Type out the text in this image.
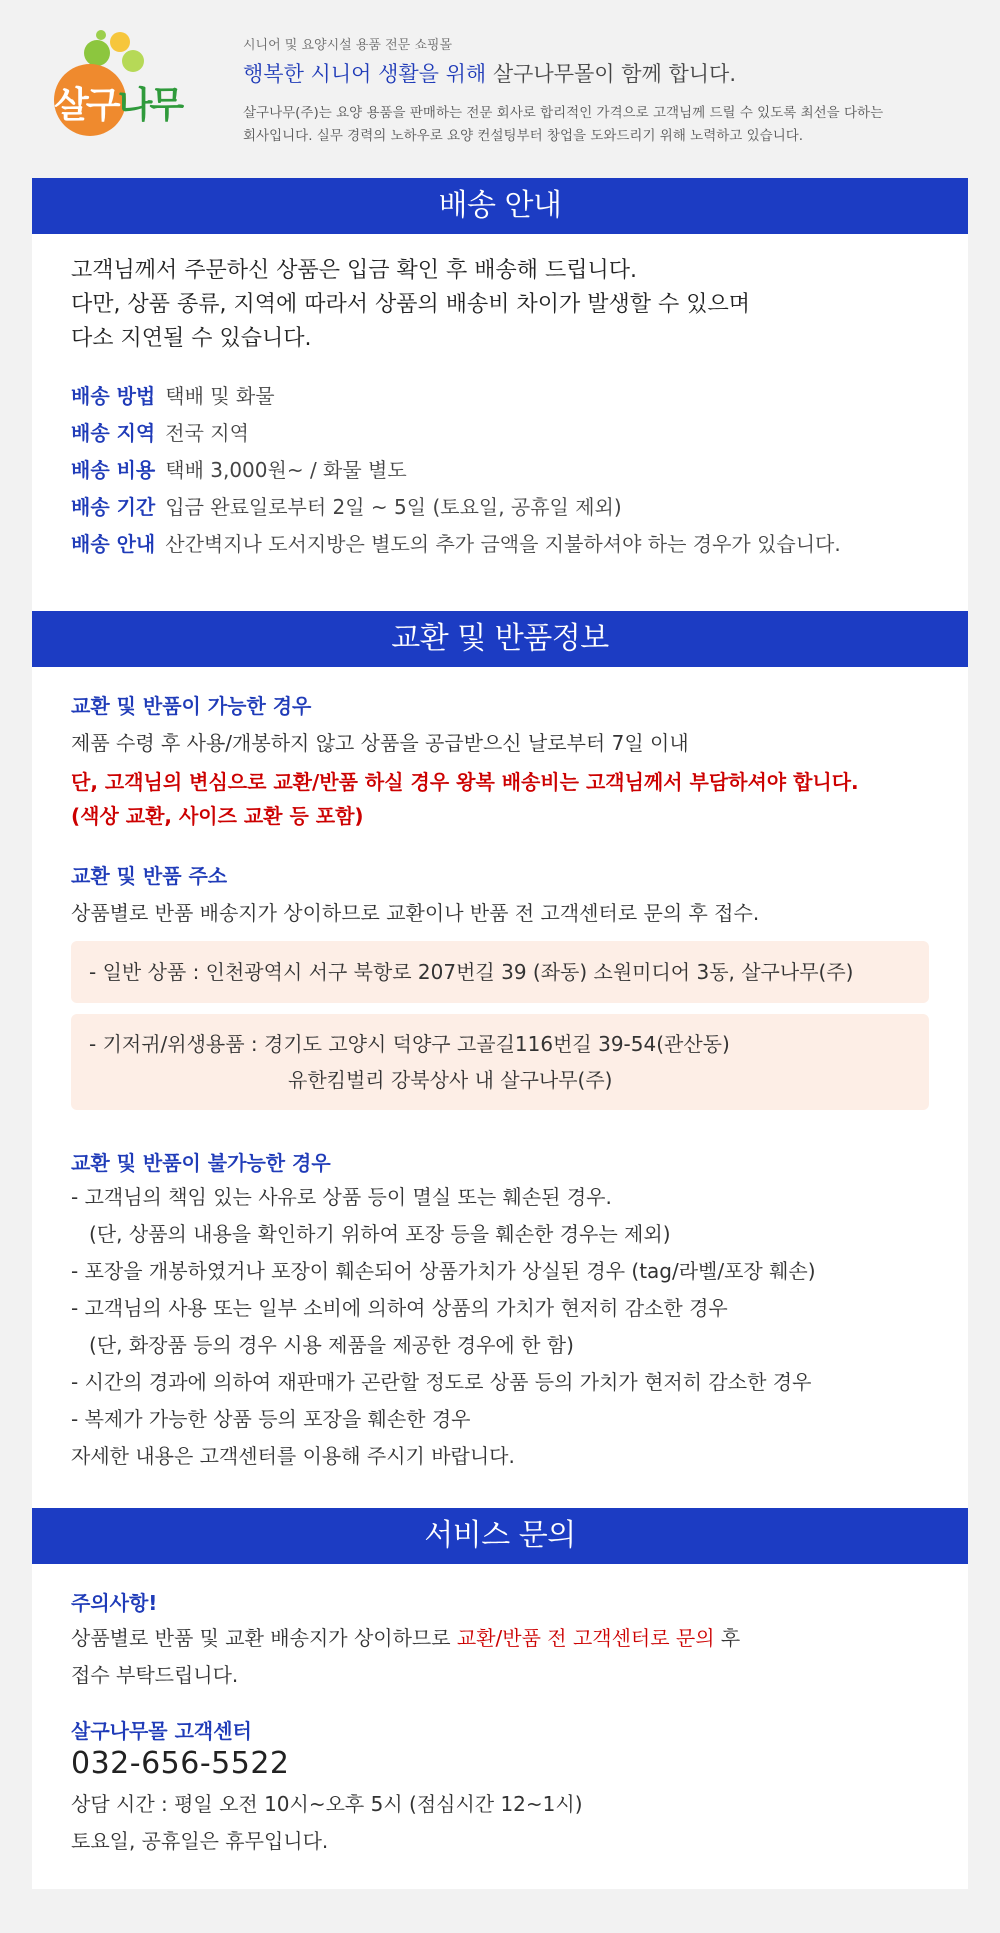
살구나무
시니어 및 요양시설 용품 전문 쇼핑몰
행복한 시니어 생활을 위해 살구나무몰이 함께 합니다.
살구나무(주)는 요양 용품을 판매하는 전문 회사로 합리적인 가격으로 고객님께 드릴 수 있도록 최선을 다하는
회사입니다. 실무 경력의 노하우로 요양 컨설팅부터 창업을 도와드리기 위해 노력하고 있습니다.
배송 안내
고객님께서 주문하신 상품은 입금 확인 후 배송해 드립니다.
다만, 상품 종류, 지역에 따라서 상품의 배송비 차이가 발생할 수 있으며
다소 지연될 수 있습니다.
배송 방법 택배 및 화물
배송 지역 전국 지역
배송 비용 택배 3,000원~ / 화물 별도
배송 기간 입금 완료일로부터 2일 ~ 5일 (토요일, 공휴일 제외)
배송 안내 산간벽지나 도서지방은 별도의 추가 금액을 지불하셔야 하는 경우가 있습니다.
교환 및 반품정보
교환 및 반품이 가능한 경우
제품 수령 후 사용/개봉하지 않고 상품을 공급받으신 날로부터 7일 이내
단, 고객님의 변심으로 교환/반품 하실 경우 왕복 배송비는 고객님께서 부담하셔야 합니다.
(색상 교환, 사이즈 교환 등 포함)
교환 및 반품 주소
상품별로 반품 배송지가 상이하므로 교환이나 반품 전 고객센터로 문의 후 접수.
- 일반 상품 : 인천광역시 서구 북항로 207번길 39 (좌동) 소원미디어 3동, 살구나무(주)
- 기저귀/위생용품 : 경기도 고양시 덕양구 고골길116번길 39-54(관산동)
유한킴벌리 강북상사 내 살구나무(주)
교환 및 반품이 불가능한 경우
- 고객님의 책임 있는 사유로 상품 등이 멸실 또는 훼손된 경우.
(단, 상품의 내용을 확인하기 위하여 포장 등을 훼손한 경우는 제외)
- 포장을 개봉하였거나 포장이 훼손되어 상품가치가 상실된 경우 (tag/라벨/포장 훼손)
- 고객님의 사용 또는 일부 소비에 의하여 상품의 가치가 현저히 감소한 경우
(단, 화장품 등의 경우 시용 제품을 제공한 경우에 한 함)
- 시간의 경과에 의하여 재판매가 곤란할 정도로 상품 등의 가치가 현저히 감소한 경우
- 복제가 가능한 상품 등의 포장을 훼손한 경우
자세한 내용은 고객센터를 이용해 주시기 바랍니다.
서비스 문의
주의사항!
상품별로 반품 및 교환 배송지가 상이하므로 교환/반품 전 고객센터로 문의 후
접수 부탁드립니다.
살구나무몰 고객센터
032-656-5522
상담 시간 : 평일 오전 10시~오후 5시 (점심시간 12~1시)
토요일, 공휴일은 휴무입니다.
